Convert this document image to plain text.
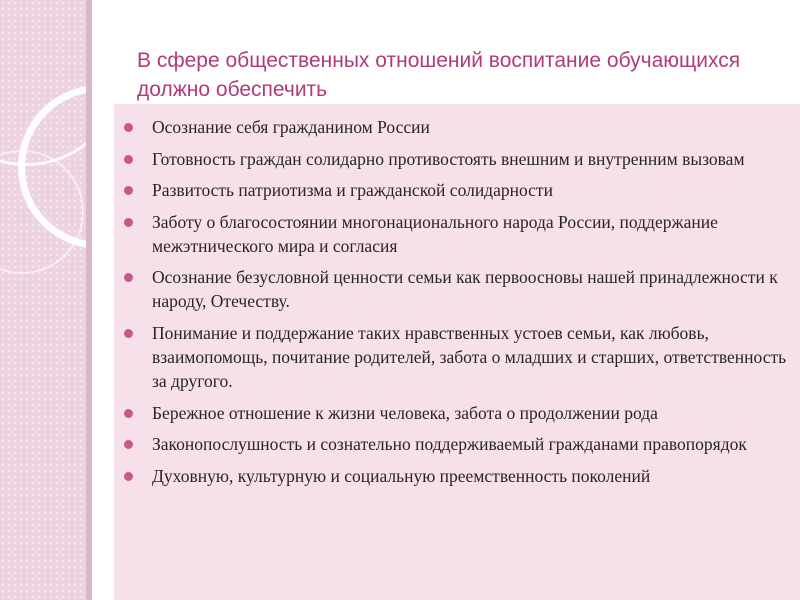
В сфере общественных отношений воспитание обучающихся должно обеспечить
Осознание себя гражданином России
Готовность граждан солидарно противостоять внешним и внутренним вызовам
Развитость патриотизма и гражданской солидарности
Заботу о благосостоянии многонационального народа России, поддержание межэтнического мира и согласия
Осознание безусловной ценности семьи как первоосновы нашей принадлежности к народу, Отечеству.
Понимание и поддержание таких нравственных устоев семьи, как любовь, взаимопомощь, почитание родителей, забота о младших и старших, ответственность за другого.
Бережное отношение к жизни человека, забота о продолжении рода
Законопослушность и сознательно поддерживаемый гражданами правопорядок
Духовную, культурную и социальную преемственность поколений
